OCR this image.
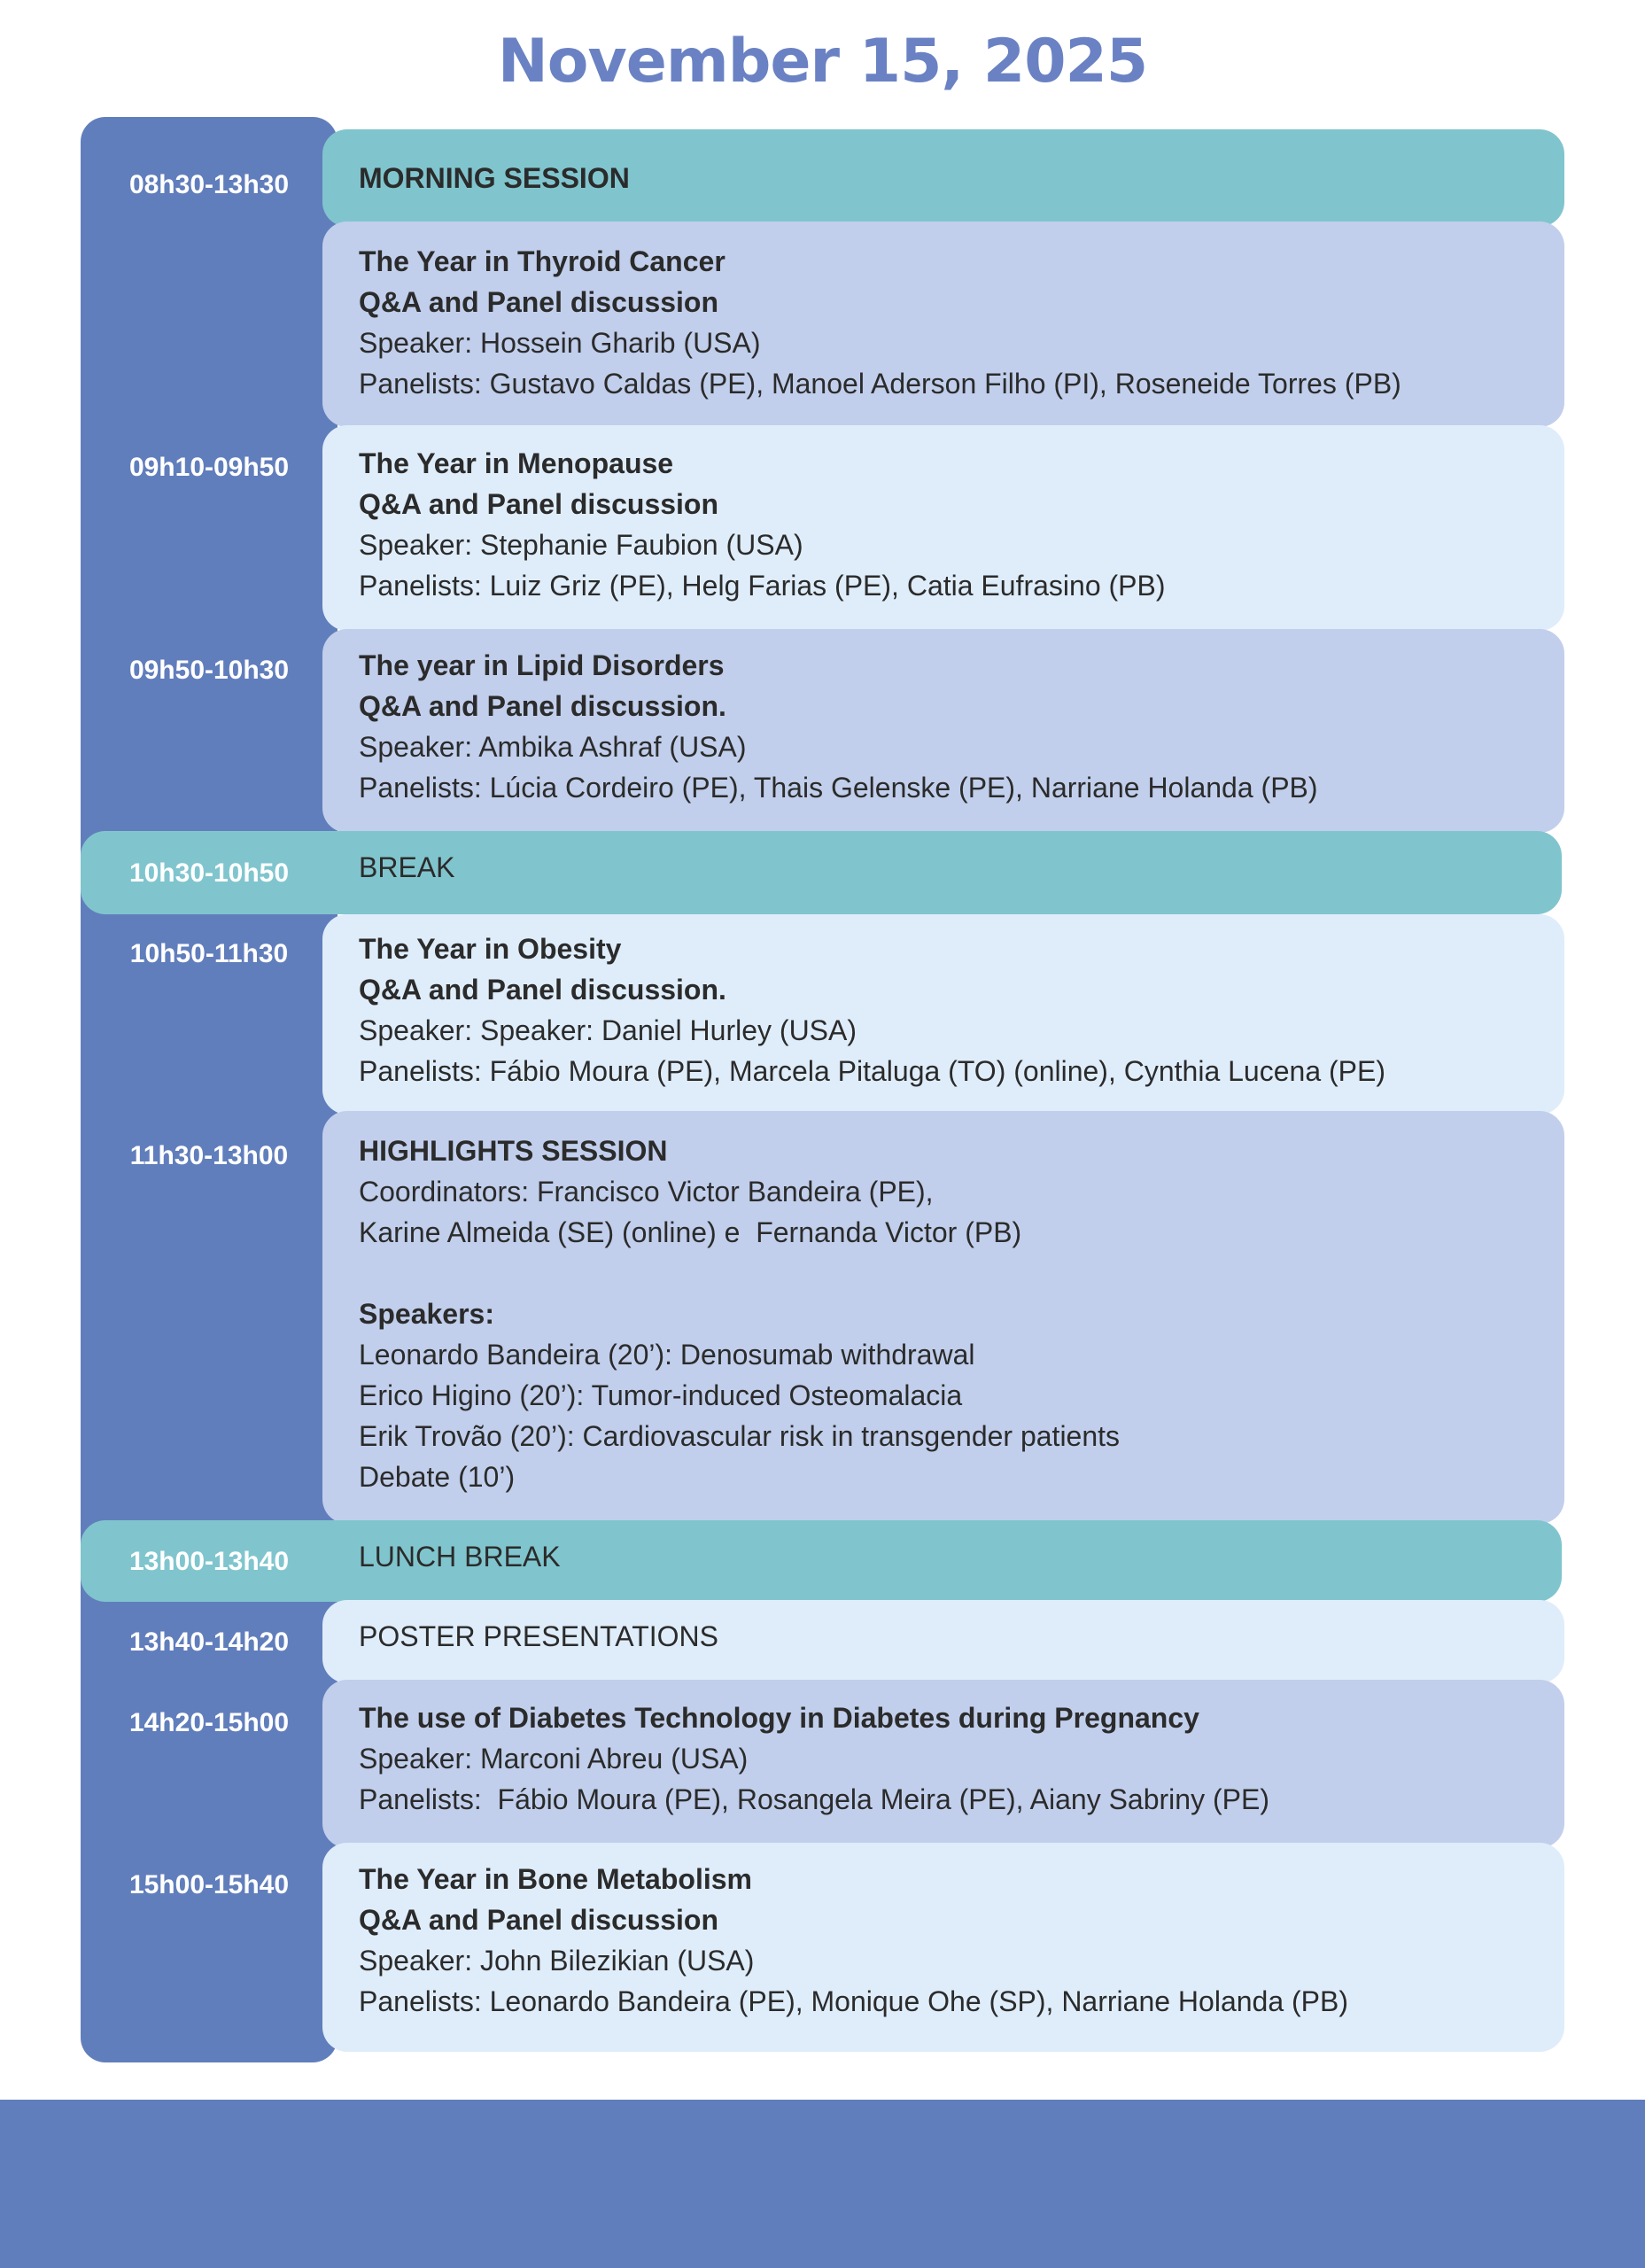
November 15, 2025
MORNING SESSION
08h30-13h30
The Year in Thyroid Cancer
Q&A and Panel discussion
Speaker: Hossein Gharib (USA)
Panelists: Gustavo Caldas (PE), Manoel Aderson Filho (PI), Roseneide Torres (PB)
The Year in Menopause
Q&A and Panel discussion
Speaker: Stephanie Faubion (USA)
Panelists: Luiz Griz (PE), Helg Farias (PE), Catia Eufrasino (PB)
09h10-09h50
The year in Lipid Disorders
Q&A and Panel discussion.
Speaker: Ambika Ashraf (USA)
Panelists: Lúcia Cordeiro (PE), Thais Gelenske (PE), Narriane Holanda (PB)
09h50-10h30
BREAK
10h30-10h50
The Year in Obesity
Q&A and Panel discussion.
Speaker: Speaker: Daniel Hurley (USA)
Panelists: Fábio Moura (PE), Marcela Pitaluga (TO) (online), Cynthia Lucena (PE)
10h50-11h30
HIGHLIGHTS SESSION
Coordinators: Francisco Victor Bandeira (PE),
Karine Almeida (SE) (online) e  Fernanda Victor (PB)

Speakers:
Leonardo Bandeira (20’): Denosumab withdrawal
Erico Higino (20’): Tumor-induced Osteomalacia
Erik Trovão (20’): Cardiovascular risk in transgender patients
Debate (10’)
11h30-13h00
LUNCH BREAK
13h00-13h40
POSTER PRESENTATIONS
13h40-14h20
The use of Diabetes Technology in Diabetes during Pregnancy
Speaker: Marconi Abreu (USA)
Panelists:  Fábio Moura (PE), Rosangela Meira (PE), Aiany Sabriny (PE)
14h20-15h00
The Year in Bone Metabolism
Q&A and Panel discussion
Speaker: John Bilezikian (USA)
Panelists: Leonardo Bandeira (PE), Monique Ohe (SP), Narriane Holanda (PB)
15h00-15h40
